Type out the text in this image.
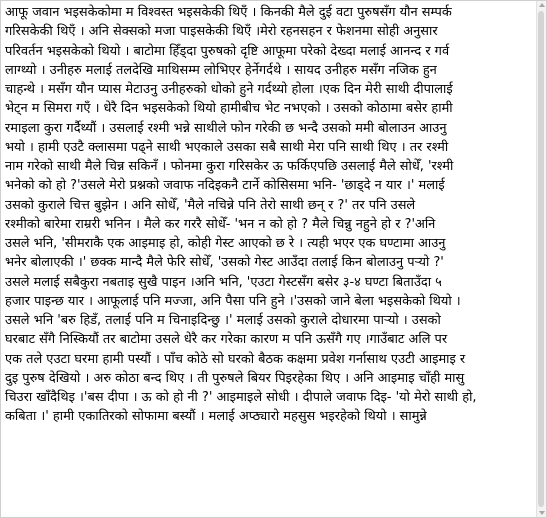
आफू जवान भइसकेकोमा म विश्वस्त भइसकेकी थिएँ । किनकी मैले दुई वटा पुरुषसँग यौन सम्पर्क
गरिसकेकी थिएँ । अनि सेक्सको मजा पाइसकेकी थिएँ ।मेरो रहनसहन र फेशनमा सोही अनुसार
परिवर्तन भइसकेको थियो । बाटोमा हिँड्दा पुरुषको दृष्टि आफूमा परेको देख्दा मलाई आनन्द र गर्व
लाग्थ्यो । उनीहरु मलाई तलदेखि माथिसम्म लोभिएर हेर्नेगर्दथे । सायद उनीहरु मसँग नजिक हुन
चाहन्थे । मसँग यौन प्यास मेटाउनु उनीहरुको धोको हुने गर्दथ्यो होला ।एक दिन मेरी साथी दीपालाई
भेट्न म सिमरा गएँ । धेरै दिन भइसकेको थियो हामीबीच भेट नभएको । उसको कोठामा बसेर हामी
रमाइला कुरा गर्दैथ्यौं । उसलाई रश्मी भन्ने साथीले फोन गरेकी छ भन्दै उसको ममी बोलाउन आउनु
भयो । हामी एउटै क्लासमा पढ्ने साथी भएकाले उसका सबै साथी मेरा पनि साथी थिए । तर रश्मी
नाम गरेको साथी मैले चिन्न सकिनँ । फोनमा कुरा गरिसकेर ऊ फर्किएपछि उसलाई मैले सोधेँ, 'रश्मी
भनेको को हो ?'उसले मेरो प्रश्नको जवाफ नदिइकनै टार्ने कोसिसमा भनि- 'छाड्दे न यार ।' मलाई
उसको कुराले चित्त बुझेन । अनि सोधेँ, 'मैले नचिन्ने पनि तेरो साथी छन् र ?' तर पनि उसले
रश्मीको बारेमा राम्ररी भनिन । मैले कर गररै सोधेँ- 'भन न को हो ? मैले चिन्नु नहुने हो र ?'अनि
उसले भनि, 'सीमराकै एक आइमाइ हो, कोही गेस्ट आएको छ रे । त्यही भएर एक घण्टामा आउनु
भनेर बोलाएकी ।' छक्क मान्दै मैले फेरि सोधेँ, 'उसको गेस्ट आउँदा तलाई किन बोलाउनु पऱ्यो ?'
उसले मलाई सबैकुरा नबताइ सुखै पाइन ।अनि भनि, 'एउटा गेस्टसँग बसेर ३-४ घण्टा बिताउँदा ५
हजार पाइन्छ यार । आफूलाई पनि मज्जा, अनि पैसा पनि हुने ।'उसको जाने बेला भइसकेको थियो ।
उसले भनि 'बरु हिडँ, तलाई पनि म चिनाइदिन्छु ।' मलाई उसको कुराले दोधारमा पाऱ्यो । उसको
घरबाट सँगै निस्कियौं तर बाटोमा उसले धेरै कर गरेका कारण म पनि ऊसँगै गए ।गाउँबाट अलि पर
एक तले एउटा घरमा हामी पस्यौं । पाँच कोठे सो घरको बैठक कक्षमा प्रवेश गर्नासाथ एउटी आइमाइ र
दुइ पुरुष देखियो । अरु कोठा बन्द थिए । ती पुरुषले बियर पिइरहेका थिए । अनि आइमाइ चाँही मासु
चिउरा खाँदैथिइ ।'बस दीपा । ऊ को हो नी ?' आइमाइले सोधी । दीपाले जवाफ दिइ- 'यो मेरो साथी हो,
कबिता ।' हामी एकातिरको सोफामा बस्यौं । मलाई अप्ठ्यारो महसुस भइरहेको थियो । सामुन्ने
